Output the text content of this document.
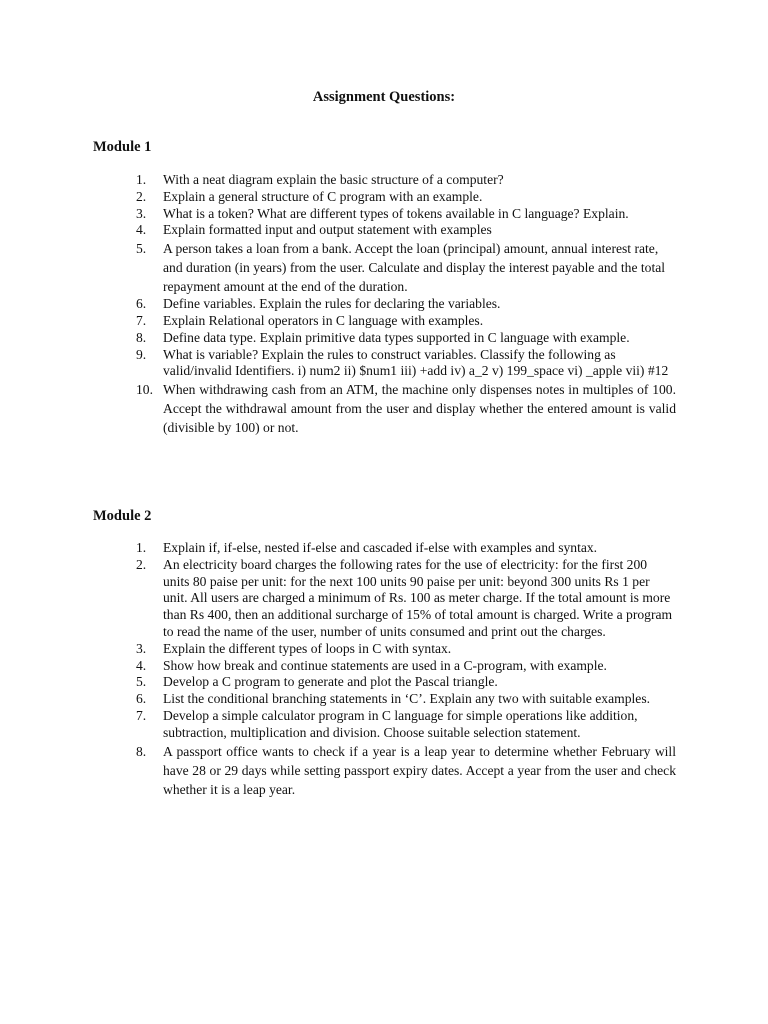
Assignment Questions:
Module 1
1.	With a neat diagram explain the basic structure of a computer?
2.	Explain a general structure of C program with an example.
3.	What is a token? What are different types of tokens available in C language? Explain.
4.	Explain formatted input and output statement with examples
5.	A person takes a loan from a bank. Accept the loan (principal) amount, annual interest rate, and duration (in years) from the user. Calculate and display the interest payable and the total repayment amount at the end of the duration.
6.	Define variables. Explain the rules for declaring the variables.
7.	Explain Relational operators in C language with examples.
8.	Define data type. Explain primitive data types supported in C language with example.
9.	What is variable? Explain the rules to construct variables. Classify the following as valid/invalid Identifiers. i) num2 ii) $num1 iii) +add iv) a_2 v) 199_space vi) _apple vii) #12
10. When withdrawing cash from an ATM, the machine only dispenses notes in multiples of 100. Accept the withdrawal amount from the user and display whether the entered amount is valid (divisible by 100) or not.
Module 2
1.	Explain if, if-else, nested if-else and cascaded if-else with examples and syntax.
2.	An electricity board charges the following rates for the use of electricity: for the first 200 units 80 paise per unit: for the next 100 units 90 paise per unit: beyond 300 units Rs 1 per unit. All users are charged a minimum of Rs. 100 as meter charge. If the total amount is more than Rs 400, then an additional surcharge of 15% of total amount is charged. Write a program to read the name of the user, number of units consumed and print out the charges.
3.	Explain the different types of loops in C with syntax.
4.	Show how break and continue statements are used in a C-program, with example.
5.	Develop a C program to generate and plot the Pascal triangle.
6.	List the conditional branching statements in ‘C’. Explain any two with suitable examples.
7.	Develop a simple calculator program in C language for simple operations like addition, subtraction, multiplication and division. Choose suitable selection statement.
8.	A passport office wants to check if a year is a leap year to determine whether February will have 28 or 29 days while setting passport expiry dates. Accept a year from the user and check whether it is a leap year.
